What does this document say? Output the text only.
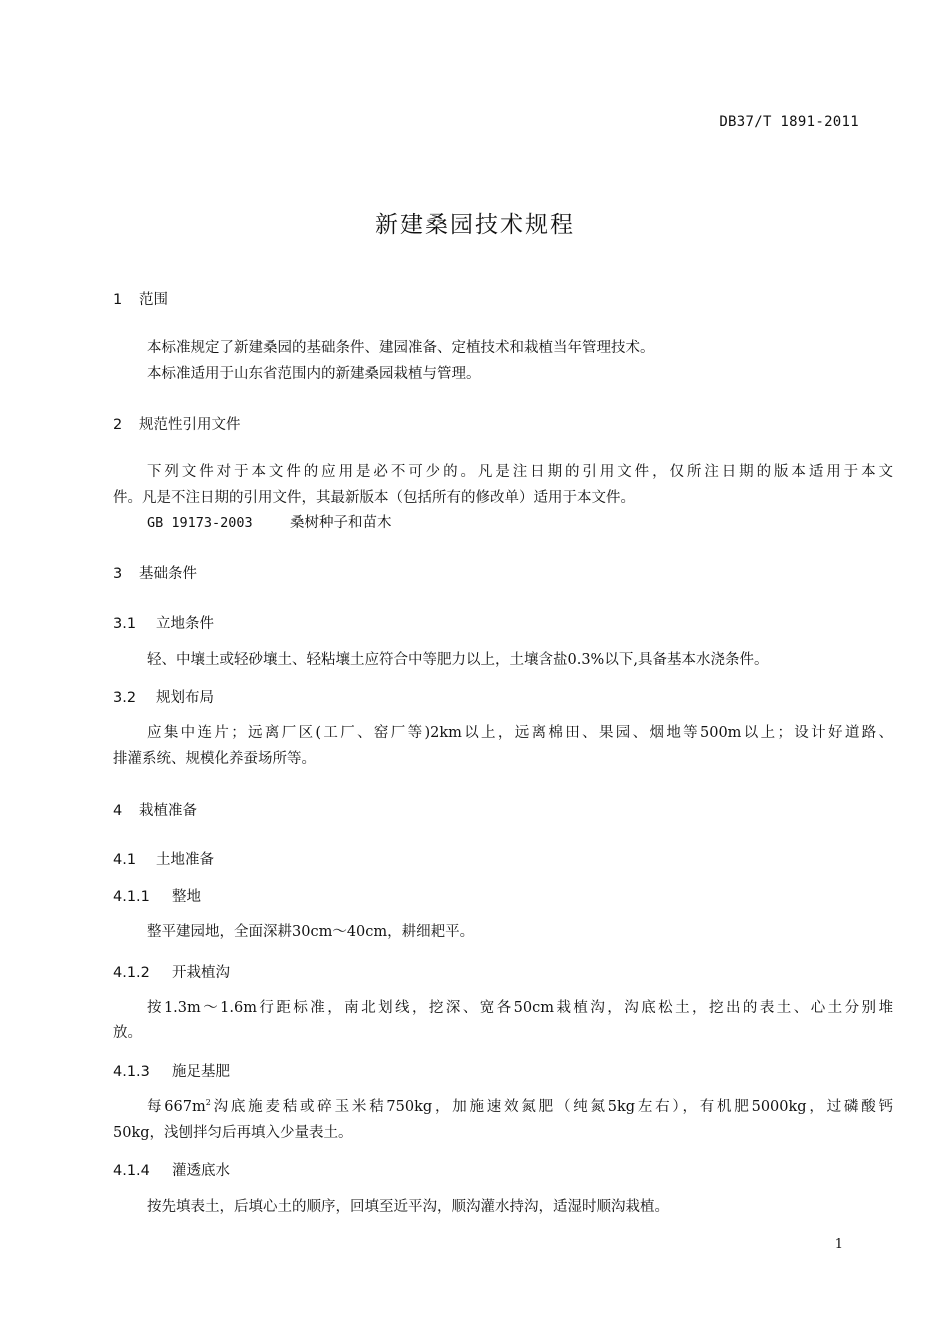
DB37/T 1891-2011
新建桑园技术规程
1 范围
本标准规定了新建桑园的基础条件、建园准备、定植技术和栽植当年管理技术。
本标准适用于山东省范围内的新建桑园栽植与管理。
2 规范性引用文件
下列文件对于本文件的应用是必不可少的。凡是注日期的引用文件，仅所注日期的版本适用于本文
件。凡是不注日期的引用文件，其最新版本（包括所有的修改单）适用于本文件。
GB 19173-2003	桑树种子和苗木
3 基础条件
3.1 立地条件
轻、中壤土或轻砂壤土、轻粘壤土应符合中等肥力以上，土壤含盐0.3%以下,具备基本水浇条件。
3.2 规划布局
应集中连片；远离厂区(工厂、窑厂等)2km以上，远离棉田、果园、烟地等500m以上；设计好道路、
排灌系统、规模化养蚕场所等。
4 栽植准备
4.1 土地准备
4.1.1 整地
整平建园地，全面深耕30cm～40cm，耕细耙平。
4.1.2 开栽植沟
按1.3m～1.6m行距标准，南北划线，挖深、宽各50cm栽植沟，沟底松土，挖出的表土、心土分别堆
放。
4.1.3 施足基肥
每$667m^2$沟底施麦秸或碎玉米秸750kg，加施速效氮肥（纯氮5kg左右），有机肥5000kg，过磷酸钙
50kg，浅刨拌匀后再填入少量表土。
4.1.4 灌透底水
按先填表土，后填心土的顺序，回填至近平沟，顺沟灌水持沟，适湿时顺沟栽植。
1
